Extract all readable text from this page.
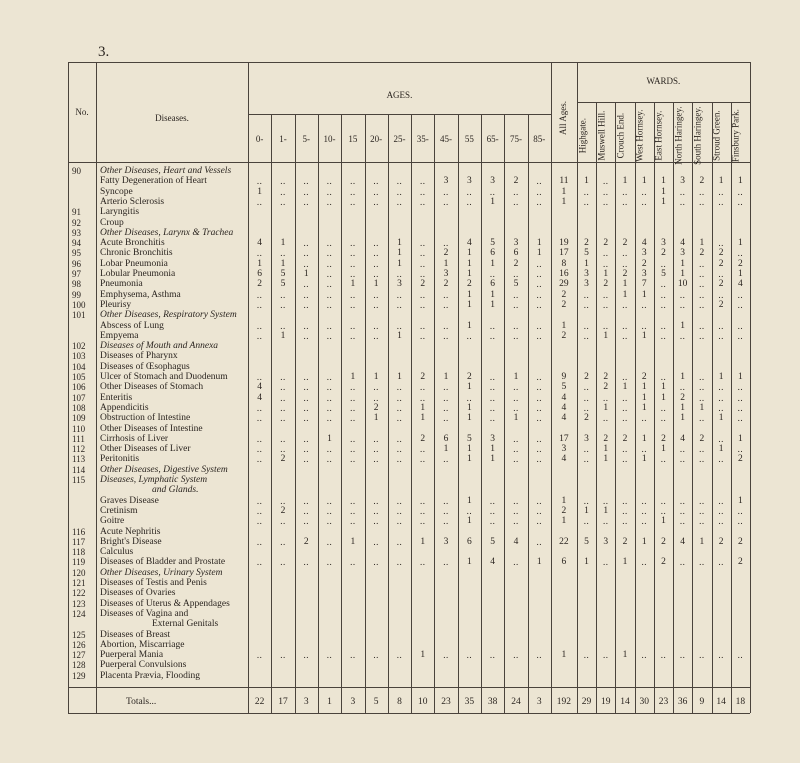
3.
No.
Diseases.
AGES.
WARDS.
All Ages.
0-	1-	5-	10-	15	20-	25-	35-	45-	55	65-	75-	85-	Highgate.	Muswell Hill.	Crouch End.	West Hornsey.	East Hornsey.	North Haringey.	South Haringey.	Stroud Green.	Finsbury Park.
90	Other Diseases, Heart and Vessels
Fatty Degeneration of Heart	..	..	..	..	..	..	..	..	3	3	3	2	..	11	1	..	1	1	1	3	2	1	1
Syncope	1	..	..	..	..	..	..	..	..	..	..	..	..	1	..	..	..	..	1	..	..	..	..
Arterio Sclerosis	..	..	..	..	..	..	..	..	..	..	1	..	..	1	..	..	..	..	1	..	..	..	..
91	Laryngitis
92	Croup
93	Other Diseases, Larynx & Trachea
94	Acute Bronchitis	4	1	..	..	..	..	1	..	..	4	5	3	1	19	2	2	2	4	3	4	1	..	1
95	Chronic Bronchitis	..	..	..	..	..	..	1	..	2	1	6	6	1	17	5	..	..	3	2	3	2	2	..
96	Lobar Pneumonia	1	1	..	..	..	..	1	..	1	1	1	2	..	8	1	..	..	2	..	1	..	2	2
97	Lobular Pneumonia	6	5	1	..	..	..	..	..	3	1	..	..	..	16	3	1	2	3	5	1	..	..	1
98	Pneumonia	2	5	..	..	1	1	3	2	2	2	6	5	..	29	3	2	1	7	..	10	..	2	4
99	Emphysema, Asthma	..	..	..	..	..	..	..	..	..	1	1	..	..	2	..	..	1	1	..	..	..	..	..
100	Pleurisy	..	..	..	..	..	..	..	..	..	1	1	..	..	2	..	..	..	..	..	..	..	2	..
101	Other Diseases, Respiratory System
Abscess of Lung	..	..	..	..	..	..	..	..	..	1	..	..	..	1	..	..	..	..	..	1	..	..	..
Empyema	..	1	..	..	..	..	1	..	..	..	..	..	..	2	..	1	..	1	..	..	..	..	..
102	Diseases of Mouth and Annexa
103	Diseases of Pharynx
104	Diseases of Œsophagus
105	Ulcer of Stomach and Duodenum	..	..	..	..	1	1	1	2	1	2	..	1	..	9	2	2	..	2	..	1	..	1	1
106	Other Diseases of Stomach	4	..	..	..	..	..	..	..	..	1	..	..	..	5	..	2	1	1	1	..	..	..	..
107	Enteritis	4	..	..	..	..	..	..	..	..	..	..	..	..	4	..	..	..	1	1	2	..	..	..
108	Appendicitis	..	..	..	..	..	2	..	1	..	1	..	..	..	4	..	1	..	1	..	1	1	..	..
109	Obstruction of Intestine	..	..	..	..	..	1	..	1	..	1	..	1	..	4	2	..	..	..	..	1	..	1	..
110	Other Diseases of Intestine
111	Cirrhosis of Liver	..	..	..	1	..	..	..	2	6	5	3	..	..	17	3	2	2	1	2	4	2	..	1
112	Other Diseases of Liver	..	..	..	..	..	..	..	..	1	1	1	..	..	3	..	1	..	..	1	..	..	1	..
113	Peritonitis	..	2	..	..	..	..	..	..	..	1	1	..	..	4	..	1	..	1	..	..	..	..	2
114	Other Diseases, Digestive System
115	Diseases, Lymphatic System
and Glands.
Graves Disease	..	..	..	..	..	..	..	..	..	1	..	..	..	1	..	..	..	..	..	..	..	..	1
Cretinism	..	2	..	..	..	..	..	..	..	..	..	..	..	2	1	1	..	..	..	..	..	..	..
Goitre	..	..	..	..	..	..	..	..	..	1	..	..	..	1	..	..	..	..	1	..	..	..	..
116	Acute Nephritis
117	Bright's Disease	..	..	2	..	1	..	..	1	3	6	5	4	..	22	5	3	2	1	2	4	1	2	2
118	Calculus
119	Diseases of Bladder and Prostate	..	..	..	..	..	..	..	..	..	1	4	..	1	6	1	..	1	..	2	..	..	..	2
120	Other Diseases, Urinary System
121	Diseases of Testis and Penis
122	Diseases of Ovaries
123	Diseases of Uterus & Appendages
124	Diseases of Vagina and
External Genitals
125	Diseases of Breast
126	Abortion, Miscarriage
127	Puerperal Mania	..	..	..	..	..	..	..	1	..	..	..	..	..	1	..	..	1	..	..	..	..	..	..
128	Puerperal Convulsions
129	Placenta Prævia, Flooding
Totals...	22	17	3	1	3	5	8	10	23	35	38	24	3	192	29	19	14	30	23	36	9	14	18
